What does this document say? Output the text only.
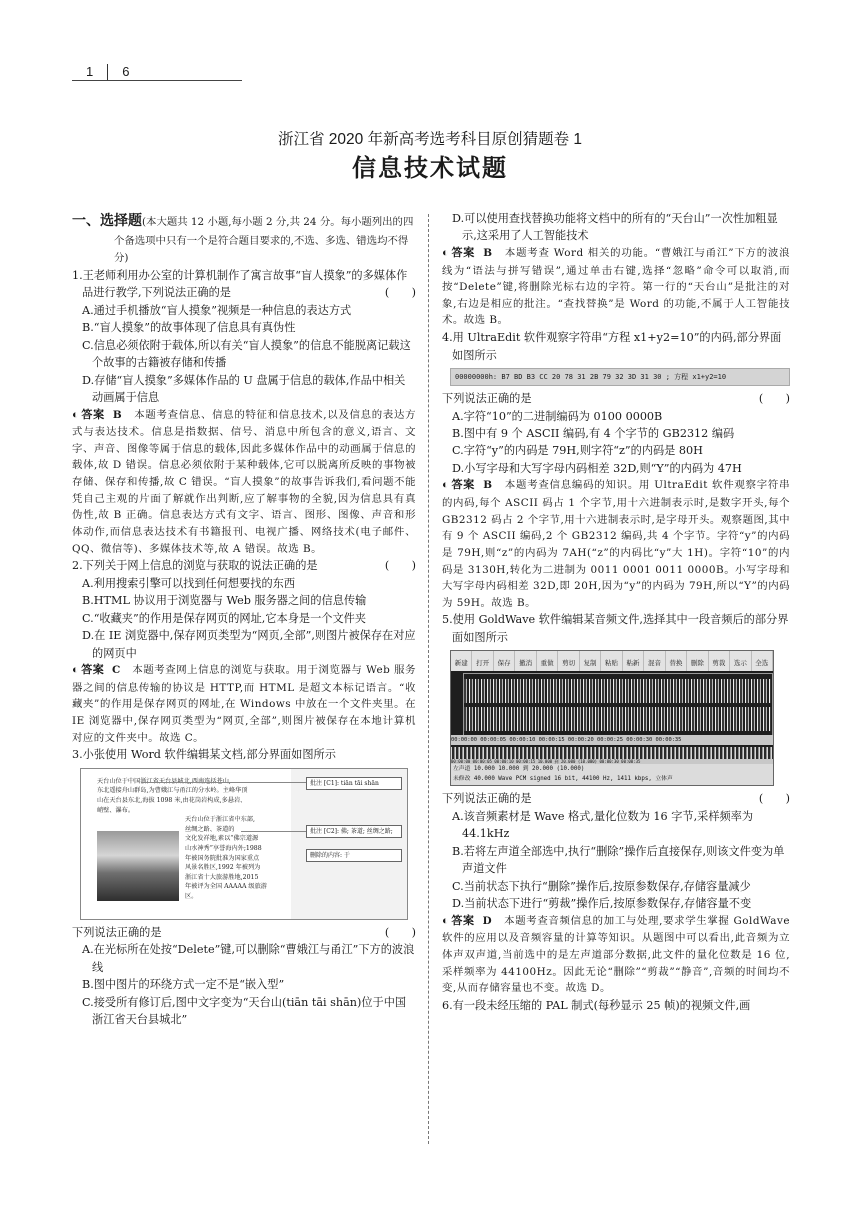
1 6
浙江省 2020 年新高考选考科目原创猜题卷 1
信息技术试题

一、选择题(本大题共 12 小题,每小题 2 分,共 24 分。每小题列出的四个备选项中只有一个是符合题目要求的,不选、多选、错选均不得分)

1.王老师利用办公室的计算机制作了寓言故事“盲人摸象”的多媒体作品进行教学,下列说法正确的是	(　　)

A.通过手机播放“盲人摸象”视频是一种信息的表达方式

B.“盲人摸象”的故事体现了信息具有真伪性

C.信息必须依附于载体,所以有关“盲人摸象”的信息不能脱离记载这个故事的古籍被存储和传播

D.存储“盲人摸象”多媒体作品的 U 盘属于信息的载体,作品中相关动画属于信息

◐ 答案 B 本题考查信息、信息的特征和信息技术,以及信息的表达方式与表达技术。信息是指数据、信号、消息中所包含的意义,语言、文字、声音、图像等属于信息的载体,因此多媒体作品中的动画属于信息的载体,故 D 错误。信息必须依附于某种载体,它可以脱离所反映的事物被存储、保存和传播,故 C 错误。“盲人摸象”的故事告诉我们,看问题不能凭自己主观的片面了解就作出判断,应了解事物的全貌,因为信息具有真伪性,故 B 正确。信息表达方式有文字、语言、图形、图像、声音和形体动作,而信息表达技术有书籍报刊、电视广播、网络技术(电子邮件、QQ、微信等)、多媒体技术等,故 A 错误。故选 B。

2.下列关于网上信息的浏览与获取的说法正确的是	(　　)

A.利用搜索引擎可以找到任何想要找的东西

B.HTML 协议用于浏览器与 Web 服务器之间的信息传输

C.“收藏夹”的作用是保存网页的网址,它本身是一个文件夹

D.在 IE 浏览器中,保存网页类型为“网页,全部”,则图片被保存在对应的网页中

◐ 答案 C 本题考查网上信息的浏览与获取。用于浏览器与 Web 服务器之间的信息传输的协议是 HTTP,而 HTML 是超文本标记语言。“收藏夹”的作用是保存网页的网址,在 Windows 中放在一个文件夹里。在 IE 浏览器中,保存网页类型为“网页,全部”,则图片被保存在本地计算机对应的文件夹中。故选 C。

3.小张使用 Word 软件编辑某文档,部分界面如图所示

天台山位于中国浙江省天台县城北,西南连括苍山,
东北遥接舟山群岛,为曹娥江与甬江的分水岭。主峰华顶
山在天台县东北,海拔 1098 米,由花岗岩构成,多悬岩、
峭壁、瀑布。
天台山位于浙江省中东部,
丝绸之路、茶道的
文化发祥地,素以“佛宗道源
山水神秀”享誉海内外;1988
年被国务院批准为国家重点
风景名胜区,1992 年被列为
浙江省十大旅游胜地,2015
年被评为全国 AAAAA 级旅游
区。
批注 [C1]: tiān tāi shān
批注 [C2]: 佛; 茶道; 丝绸之路;
删除的内容: 于

下列说法正确的是	(　　)

A.在光标所在处按“Delete”键,可以删除“曹娥江与甬江”下方的波浪线

B.图中图片的环绕方式一定不是“嵌入型”

C.接受所有修订后,图中文字变为“天台山(tiān tāi shān)位于中国浙江省天台县城北”

D.可以使用查找替换功能将文档中的所有的“天台山”一次性加粗显示,这采用了人工智能技术

◐ 答案 B 本题考查 Word 相关的功能。“曹娥江与甬江”下方的波浪线为“语法与拼写错误”,通过单击右键,选择“忽略”命令可以取消,而按“Delete”键,将删除光标右边的字符。第一行的“天台山”是批注的对象,右边是相应的批注。“查找替换”是 Word 的功能,不属于人工智能技术。故选 B。

4.用 UltraEdit 软件观察字符串“方程 x1+y2=10”的内码,部分界面如图所示

00000000h: B7 BD B3 CC 20 78 31 2B 79 32 3D 31 30 ; 方程 x1+y2=10

下列说法正确的是	(　　)

A.字符“10”的二进制编码为 0100 0000B

B.图中有 9 个 ASCII 编码,有 4 个字节的 GB2312 编码

C.字符“y”的内码是 79H,则字符“z”的内码是 80H

D.小写字母和大写字母内码相差 32D,则“Y”的内码为 47H

◐ 答案 B 本题考查信息编码的知识。用 UltraEdit 软件观察字符串的内码,每个 ASCII 码占 1 个字节,用十六进制表示时,是数字开头,每个 GB2312 码占 2 个字节,用十六进制表示时,是字母开头。观察题图,其中有 9 个 ASCII 编码,2 个 GB2312 编码,共 4 个字节。字符“y”的内码是 79H,则“z”的内码为 7AH(“z”的内码比“y”大 1H)。字符“10”的内码是 3130H,转化为二进制为 0011 0001 0011 0000B。小写字母和大写字母内码相差 32D,即 20H,因为“y”的内码为 79H,所以“Y”的内码为 59H。故选 B。

5.使用 GoldWave 软件编辑某音频文件,选择其中一段音频后的部分界面如图所示

新建	打开	保存	撤消	重做	剪切	复制	粘贴	粘新	混音	替换	删除	剪裁	选示	全选
00:00:00 00:00:05 00:00:10 00:00:15 00:00:20 00:00:25 00:00:30 00:00:35
00:00:00 00:00:05 00:00:10 00:00:15 10.000 到 20.000 (10.000) 00:00:30 00:00:35
左声道 10.000 10.000 到 20.000 (10.000)
未修改 40.000 Wave PCM signed 16 bit, 44100 Hz, 1411 kbps, 立体声

下列说法正确的是	(　　)

A.该音频素材是 Wave 格式,量化位数为 16 字节,采样频率为 44.1kHz

B.若将左声道全部选中,执行“删除”操作后直接保存,则该文件变为单声道文件

C.当前状态下执行“删除”操作后,按原参数保存,存储容量减少

D.当前状态下进行“剪裁”操作后,按原参数保存,存储容量不变

◐ 答案 D 本题考查音频信息的加工与处理,要求学生掌握 GoldWave 软件的应用以及音频容量的计算等知识。从题图中可以看出,此音频为立体声双声道,当前选中的是左声道部分数据,此文件的量化位数是 16 位,采样频率为 44100Hz。因此无论“删除”“剪裁”“静音”,音频的时间均不变,从而存储容量也不变。故选 D。

6.有一段未经压缩的 PAL 制式(每秒显示 25 帧)的视频文件,画
